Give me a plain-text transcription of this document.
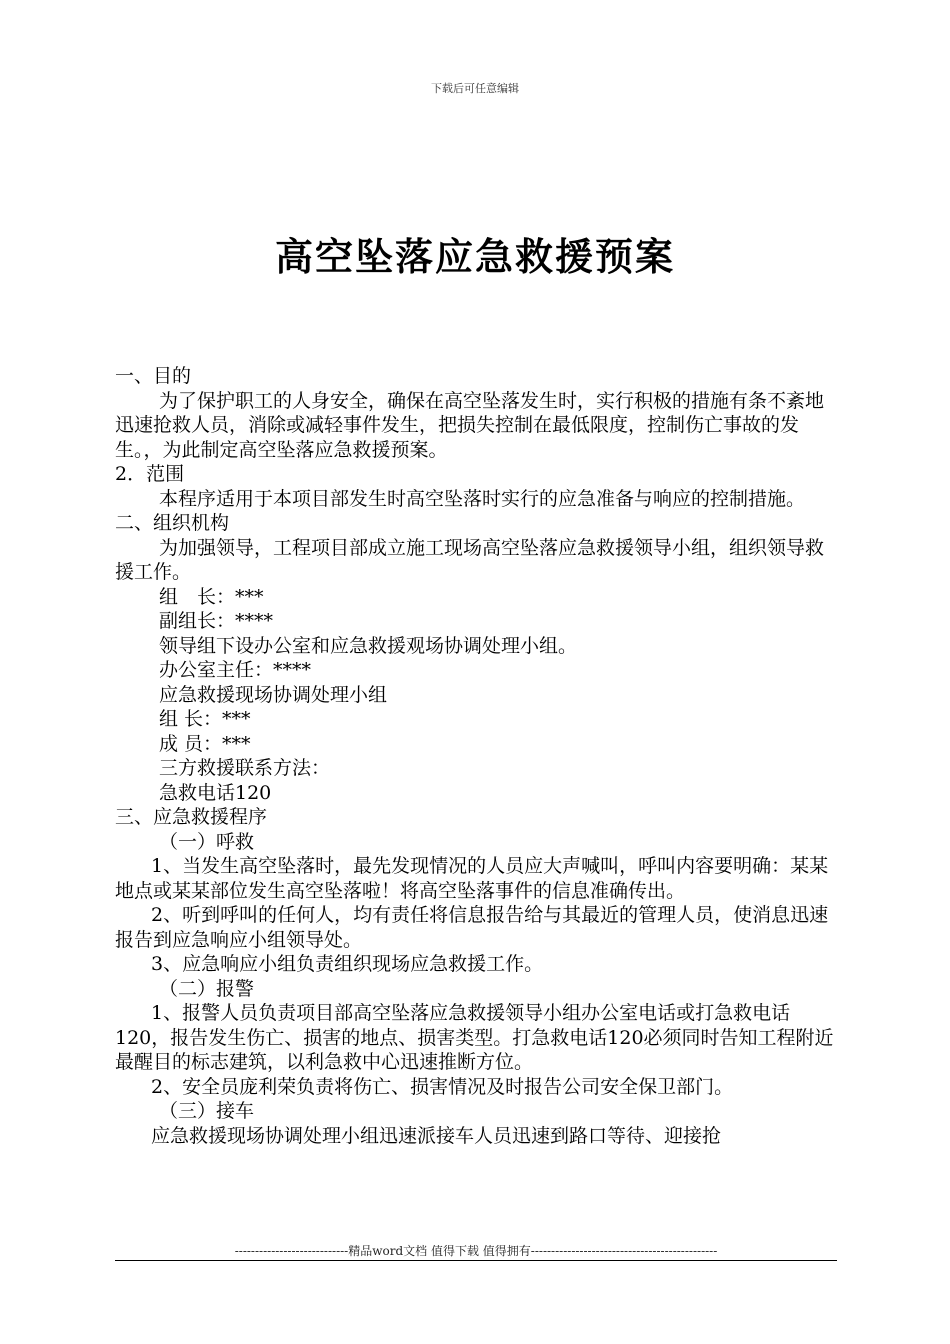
下载后可任意编辑
高空坠落应急救援预案

一、目的

为了保护职工的人身安全，确保在高空坠落发生时，实行积极的措施有条不紊地迅速抢救人员，消除或减轻事件发生，把损失控制在最低限度，控制伤亡事故的发生。，为此制定高空坠落应急救援预案。

2．范围

本程序适用于本项目部发生时高空坠落时实行的应急准备与响应的控制措施。

二、组织机构

为加强领导，工程项目部成立施工现场高空坠落应急救援领导小组，组织领导救援工作。

组　长：***

副组长：****

领导组下设办公室和应急救援观场协调处理小组。

办公室主任：****

应急救援现场协调处理小组

组 长：***

成 员：***

三方救援联系方法：

急救电话120

三、应急救援程序

（一）呼救

1、当发生高空坠落时，最先发现情况的人员应大声喊叫，呼叫内容要明确：某某地点或某某部位发生高空坠落啦！将高空坠落事件的信息准确传出。

2、听到呼叫的任何人，均有责任将信息报告给与其最近的管理人员，使消息迅速报告到应急响应小组领导处。

3、应急响应小组负责组织现场应急救援工作。

（二）报警

1、报警人员负责项目部高空坠落应急救援领导小组办公室电话或打急救电话120，报告发生伤亡、损害的地点、损害类型。打急救电话120必须同时告知工程附近最醒目的标志建筑，以利急救中心迅速推断方位。

2、安全员庞利荣负责将伤亡、损害情况及时报告公司安全保卫部门。

（三）接车

应急救援现场协调处理小组迅速派接车人员迅速到路口等待、迎接抢

----------------------------精品word文档 值得下载 值得拥有----------------------------------------------
